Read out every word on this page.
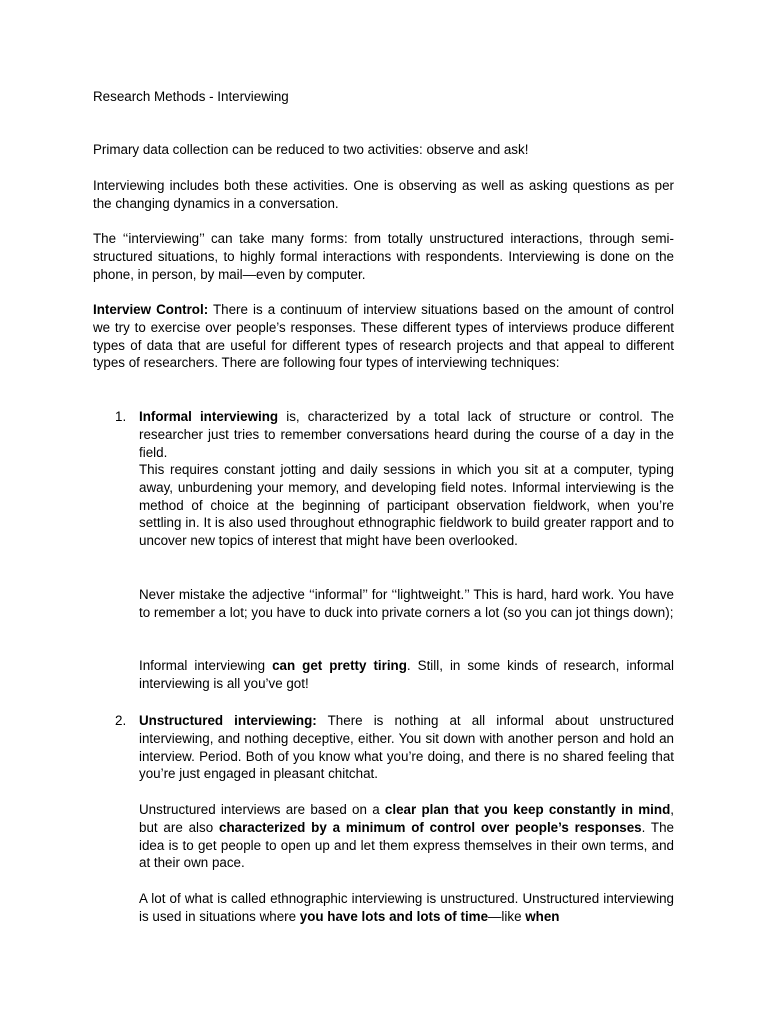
Research Methods - Interviewing

Primary data collection can be reduced to two activities: observe and ask!

Interviewing includes both these activities. One is observing as well as asking questions as per the changing dynamics in a conversation.

The ‘‘interviewing’’ can take many forms: from totally unstructured interactions, through semi-structured situations, to highly formal interactions with respondents. Interviewing is done on the phone, in person, by mail—even by computer.

Interview Control: There is a continuum of interview situations based on the amount of control we try to exercise over people’s responses. These different types of interviews produce different types of data that are useful for different types of research projects and that appeal to different types of researchers. There are following four types of interviewing techniques:

1. Informal interviewing is, characterized by a total lack of structure or control. The researcher just tries to remember conversations heard during the course of a day in the field.

This requires constant jotting and daily sessions in which you sit at a computer, typing away, unburdening your memory, and developing field notes. Informal interviewing is the method of choice at the beginning of participant observation fieldwork, when you’re settling in. It is also used throughout ethnographic fieldwork to build greater rapport and to uncover new topics of interest that might have been overlooked.

Never mistake the adjective ‘‘informal’’ for ‘‘lightweight.’’ This is hard, hard work. You have to remember a lot; you have to duck into private corners a lot (so you can jot things down);

Informal interviewing can get pretty tiring. Still, in some kinds of research, informal interviewing is all you’ve got!

2. Unstructured interviewing: There is nothing at all informal about unstructured interviewing, and nothing deceptive, either. You sit down with another person and hold an interview. Period. Both of you know what you’re doing, and there is no shared feeling that you’re just engaged in pleasant chitchat.

Unstructured interviews are based on a clear plan that you keep constantly in mind, but are also characterized by a minimum of control over people’s responses. The idea is to get people to open up and let them express themselves in their own terms, and at their own pace.

A lot of what is called ethnographic interviewing is unstructured. Unstructured interviewing is used in situations where you have lots and lots of time—like when
